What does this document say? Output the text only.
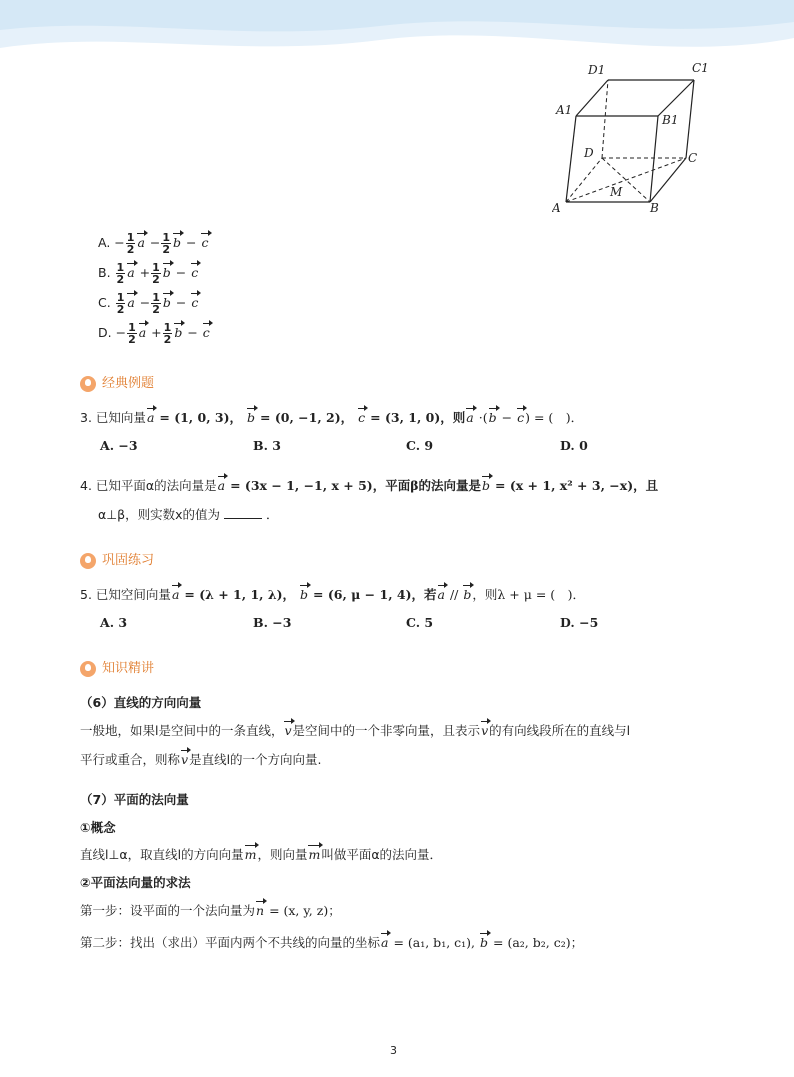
D1	C1
A1
B1
D	C
M
A	B
A. − $\frac{1}{2}$ $a - \frac{1}{2}$ b − c
B. $\frac{1}{2}$ $a + \frac{1}{2}$ b − c
C. $\frac{1}{2}$ $a - \frac{1}{2}$ b − c
D. − $\frac{1}{2}$ $a + \frac{1}{2}$ b − c
经典例题
3. 已知向量a = (1, 0, 3)， b = (0, −1, 2)， c = (3, 1, 0)，则a ·(b − c) = (　)．
A. −3	B. 3	C. 9	D. 0
4. 已知平面α的法向量是a = (3x − 1, −1, x + 5)，平面β的法向量是b = (x + 1, x² + 3, −x)，且
α⊥β，则实数x的值为	．
巩固练习
5. 已知空间向量a = (λ + 1, 1, λ)， b = (6, μ − 1, 4)，若a // b，则λ + μ = (　)．
A. 3	B. −3	C. 5	D. −5
知识精讲
（6）直线的方向向量
一般地，如果l是空间中的一条直线，v是空间中的一个非零向量，且表示v的有向线段所在的直线与l
平行或重合，则称v是直线l的一个方向向量.
（7）平面的法向量
①概念
直线l⊥α，取直线l的方向向量m，则向量m叫做平面α的法向量．
②平面法向量的求法
第一步：设平面的一个法向量为n = (x, y, z)；
第二步：找出（求出）平面内两个不共线的向量的坐标a = (a₁, b₁, c₁), b = (a₂, b₂, c₂)；
3
